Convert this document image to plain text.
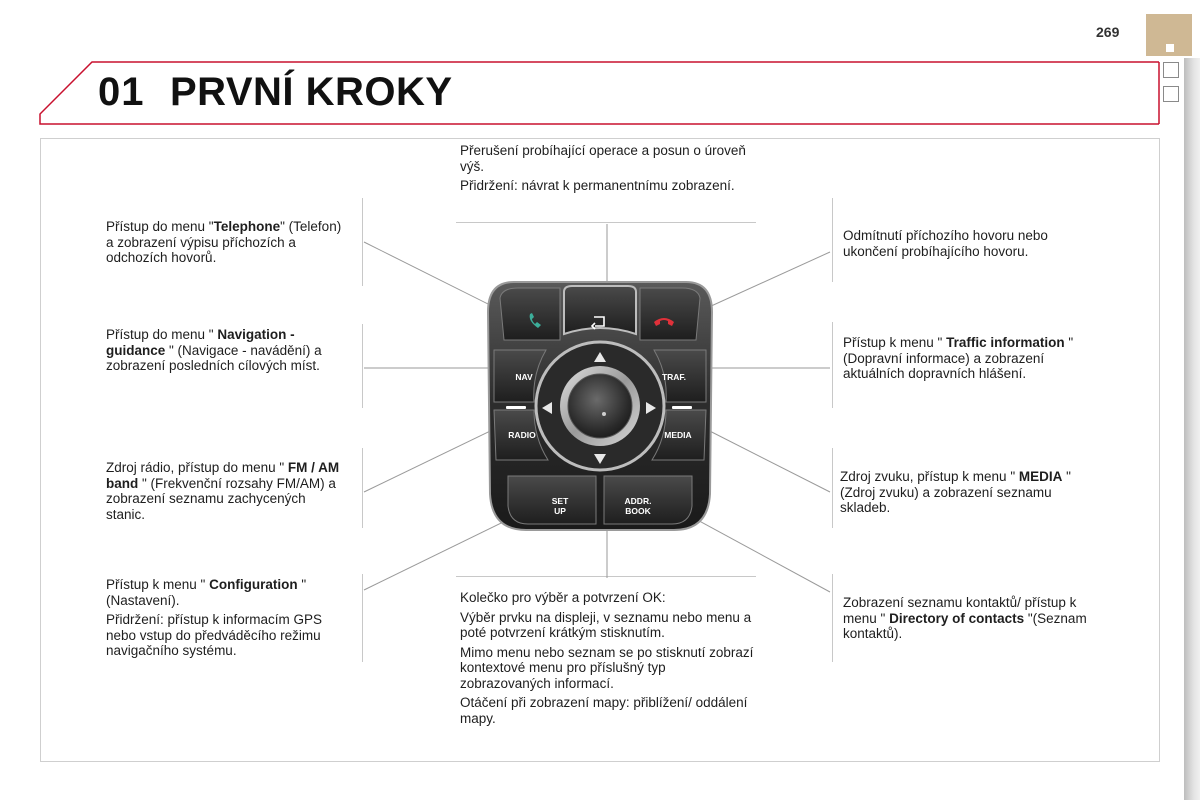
269
01 PRVNÍ KROKY
NAV	TRAF.
RADIO	MEDIA
SET
UP
ADDR.
BOOK

Přerušení probíhající operace a posun o úroveň výš.

Přidržení: návrat k permanentnímu zobrazení.

Přístup do menu "Telephone" (Telefon) a zobrazení výpisu příchozích a odchozích hovorů.
Odmítnutí příchozího hovoru nebo ukončení probíhajícího hovoru.
Přístup do menu " Navigation - guidance " (Navigace - navádění) a zobrazení posledních cílových míst.
Přístup k menu " Traffic information " (Dopravní informace) a zobrazení aktuálních dopravních hlášení.
Zdroj rádio, přístup do menu " FM / AM band " (Frekvenční rozsahy FM/AM) a zobrazení seznamu zachycených stanic.
Zdroj zvuku, přístup k menu " MEDIA " (Zdroj zvuku) a zobrazení seznamu skladeb.

Přístup k menu " Configuration " (Nastavení).

Přidržení: přístup k informacím GPS nebo vstup do předváděcího režimu navigačního systému.

Kolečko pro výběr a potvrzení OK:

Výběr prvku na displeji, v seznamu nebo menu a poté potvrzení krátkým stisknutím.

Mimo menu nebo seznam se po stisknutí zobrazí kontextové menu pro příslušný typ zobrazovaných informací.

Otáčení při zobrazení mapy: přiblížení/ oddálení mapy.

Zobrazení seznamu kontaktů/ přístup k menu " Directory of contacts "(Seznam kontaktů).
